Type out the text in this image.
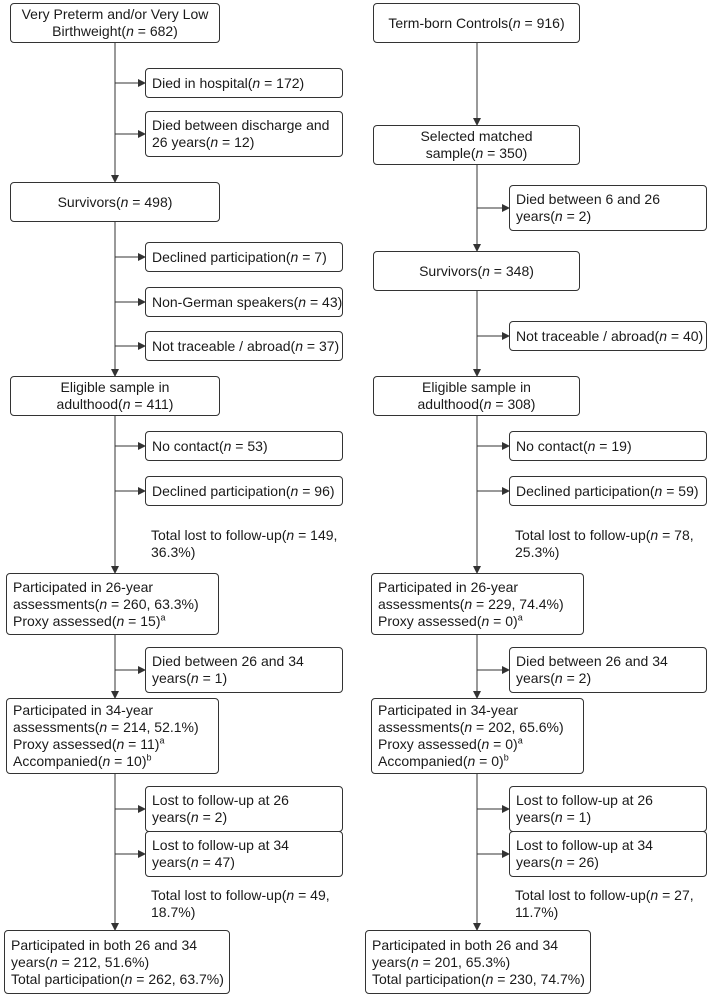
Very Preterm and/or Very Low
Birthweight(n = 682)
Died in hospital(n = 172)
Died between discharge and
26 years(n = 12)
Survivors(n = 498)
Declined participation(n = 7)
Non-German speakers(n = 43)
Not traceable / abroad(n = 37)
Eligible sample in
adulthood(n = 411)
No contact(n = 53)
Declined participation(n = 96)
Total lost to follow-up(n = 149,
36.3%)
Participated in 26-year
assessments(n = 260, 63.3%)
Proxy assessed(n = 15)$^a$
Died between 26 and 34
years(n = 1)
Participated in 34-year
assessments(n = 214, 52.1%)
Proxy assessed(n = 11)$^a$
Accompanied(n = 10)$^b$
Lost to follow-up at 26
years(n = 2)
Lost to follow-up at 34
years(n = 47)
Total lost to follow-up(n = 49,
18.7%)
Participated in both 26 and 34
years(n = 212, 51.6%)
Total participation(n = 262, 63.7%)
Term-born Controls(n = 916)
Selected matched
sample(n = 350)
Died between 6 and 26
years(n = 2)
Survivors(n = 348)
Not traceable / abroad(n = 40)
Eligible sample in
adulthood(n = 308)
No contact(n = 19)
Declined participation(n = 59)
Total lost to follow-up(n = 78,
25.3%)
Participated in 26-year
assessments(n = 229, 74.4%)
Proxy assessed(n = 0)$^a$
Died between 26 and 34
years(n = 2)
Participated in 34-year
assessments(n = 202, 65.6%)
Proxy assessed(n = 0)$^a$
Accompanied(n = 0)$^b$
Lost to follow-up at 26
years(n = 1)
Lost to follow-up at 34
years(n = 26)
Total lost to follow-up(n = 27,
11.7%)
Participated in both 26 and 34
years(n = 201, 65.3%)
Total participation(n = 230, 74.7%)
